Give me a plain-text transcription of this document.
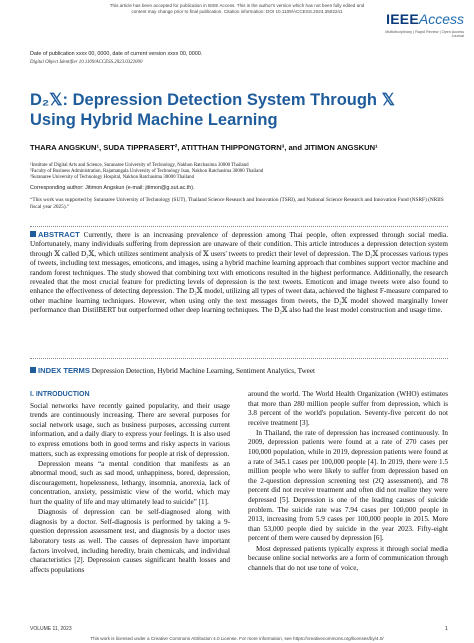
This article has been accepted for publication in IEEE Access. This is the author's version which has not been fully edited and
content may change prior to final publication. Citation information: DOI 10.1109/ACCESS.2024.3502241	IEEEAccess
Multidisciplinary | Rapid Review | Open Access Journal
Date of publication xxxx 00, 0000, date of current version xxxx 00, 0000.
Digital Object Identifier 10.1109/ACCESS.2023.0322000
D₂𝕏: Depression Detection System Through 𝕏
Using Hybrid Machine Learning
THARA ANGSKUN¹, SUDA TIPPRASERT², ATITTHAN THIPPONGTORN³, and JITIMON ANGSKUN¹
¹Institute of Digital Arts and Science, Suranaree University of Technology, Nakhon Ratchasima 30000 Thailand
²Faculty of Business Administration, Rajamangala University of Technology Isan, Nakhon Ratchasima 30000 Thailand
³Suranaree University of Technology Hospital, Nakhon Ratchasima 30000 Thailand
Corresponding author: Jitimon Angskun (e-mail: jitimon@g.sut.ac.th).
“This work was supported by Suranaree University of Technology (SUT), Thailand Science Research and Innovation (TSRI), and National Science Research and Innovation Fund (NSRF) (NRIIS fiscal year 2025).”
ABSTRACT Currently, there is an increasing prevalence of depression among Thai people, often expressed through social media. Unfortunately, many individuals suffering from depression are unaware of their condition. This article introduces a depression detection system through 𝕏 called D₂𝕏, which utilizes sentiment analysis of 𝕏 users' tweets to predict their level of depression. The D₂𝕏 processes various types of tweets, including text messages, emoticons, and images, using a hybrid machine learning approach that combines support vector machine and random forest techniques. The study showed that combining text with emoticons resulted in the highest performance. Additionally, the research revealed that the most crucial feature for predicting levels of depression is the text tweets. Emoticon and image tweets were also found to enhance the effectiveness of detecting depression. The D₂𝕏 model, utilizing all types of tweet data, achieved the highest F-measure compared to other machine learning techniques. However, when using only the text messages from tweets, the D₂𝕏 model showed marginally lower performance than DistilBERT but outperformed other deep learning techniques. The D₂𝕏 also had the least model construction and usage time.
INDEX TERMS Depression Detection, Hybrid Machine Learning, Sentiment Analytics, Tweet
I. INTRODUCTION

Social networks have recently gained popularity, and their usage trends are continuously increasing. There are several purposes for social network usage, such as business purposes, accessing current information, and a daily diary to express your feelings. It is also used to express emotions both in good terms and risky aspects in various matters, such as expressing emotions for people at risk of depression.

Depression means “a mental condition that manifests as an abnormal mood, such as sad mood, unhappiness, bored, depression, discouragement, hopelessness, lethargy, insomnia, anorexia, lack of concentration, anxiety, pessimistic view of the world, which may hurt the quality of life and may ultimately lead to suicide” [1].

Diagnosis of depression can be self-diagnosed along with diagnosis by a doctor. Self-diagnosis is performed by taking a 9-question depression assessment test, and diagnosis by a doctor uses laboratory tests as well. The causes of depression have important factors involved, including heredity, brain chemicals, and individual characteristics [2]. Depression causes significant health losses and affects populations

around the world. The World Health Organization (WHO) estimates that more than 280 million people suffer from depression, which is 3.8 percent of the world's population. Seventy-five percent do not receive treatment [3].

In Thailand, the rate of depression has increased continuously. In 2009, depression patients were found at a rate of 270 cases per 100,000 population, while in 2019, depression patients were found at a rate of 345.1 cases per 100,000 people [4]. In 2019, there were 1.5 million people who were likely to suffer from depression based on the 2-question depression screening test (2Q assessment), and 78 percent did not receive treatment and often did not realize they were depressed [5]. Depression is one of the leading causes of suicide problem. The suicide rate was 7.94 cases per 100,000 people in 2013, increasing from 5.9 cases per 100,000 people in 2015. More than 53,000 people died by suicide in the year 2023. Fifty-eight percent of them were caused by depression [6].

Most depressed patients typically express it through social media because online social networks are a form of communication through channels that do not use tone of voice,

VOLUME 11, 2023	1
This work is licensed under a Creative Commons Attribution 4.0 License. For more information, see https://creativecommons.org/licenses/by/4.0/
